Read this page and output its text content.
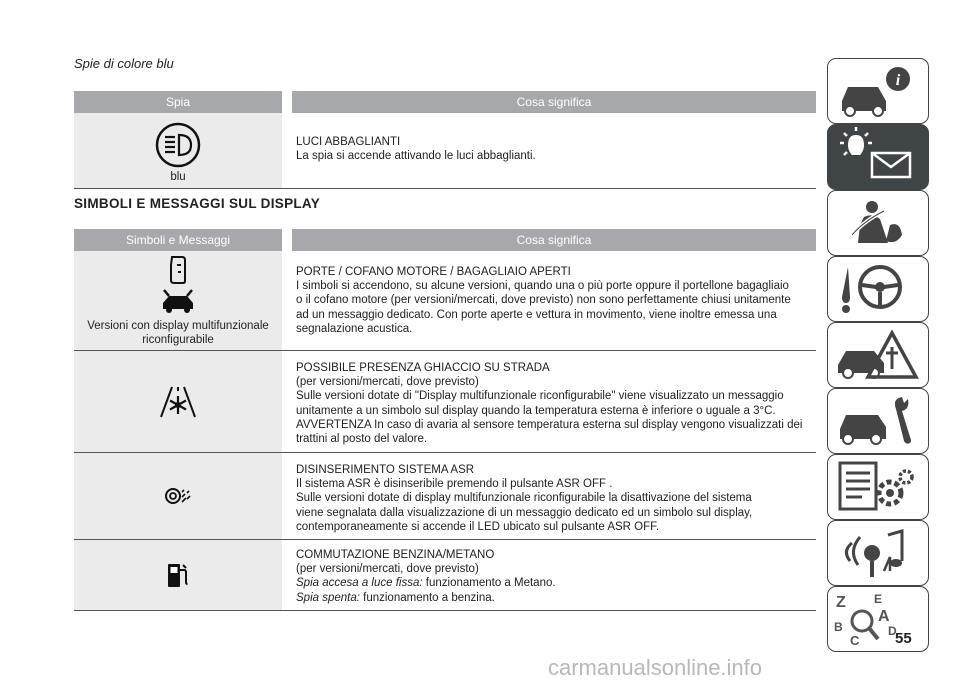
Spie di colore blu
Spia	Cosa significa
blu
LUCI ABBAGLIANTI
La spia si accende attivando le luci abbaglianti.
SIMBOLI E MESSAGGI SUL DISPLAY
Simboli e Messaggi	Cosa significa
Versioni con display multifunzionale riconfigurabile
PORTE / COFANO MOTORE / BAGAGLIAIO APERTI
I simboli si accendono, su alcune versioni, quando una o più porte oppure il portellone bagagliaio
o il cofano motore (per versioni/mercati, dove previsto) non sono perfettamente chiusi unitamente
ad un messaggio dedicato. Con porte aperte e vettura in movimento, viene inoltre emessa una
segnalazione acustica.
POSSIBILE PRESENZA GHIACCIO SU STRADA
(per versioni/mercati, dove previsto)
Sulle versioni dotate di "Display multifunzionale riconfigurabile" viene visualizzato un messaggio
unitamente a un simbolo sul display quando la temperatura esterna è inferiore o uguale a 3°C.
AVVERTENZA In caso di avaria al sensore temperatura esterna sul display vengono visualizzati dei
trattini al posto del valore.
DISINSERIMENTO SISTEMA ASR
Il sistema ASR è disinseribile premendo il pulsante ASR OFF .
Sulle versioni dotate di display multifunzionale riconfigurabile la disattivazione del sistema
viene segnalata dalla visualizzazione di un messaggio dedicato ed un simbolo sul display,
contemporaneamente si accende il LED ubicato sul pulsante ASR OFF.
COMMUTAZIONE BENZINA/METANO
(per versioni/mercati, dove previsto)
Spia accesa a luce fissa: funzionamento a Metano.
Spia spenta: funzionamento a benzina.
i
Z E
B
A
C
D
55
carmanualsonline.info
